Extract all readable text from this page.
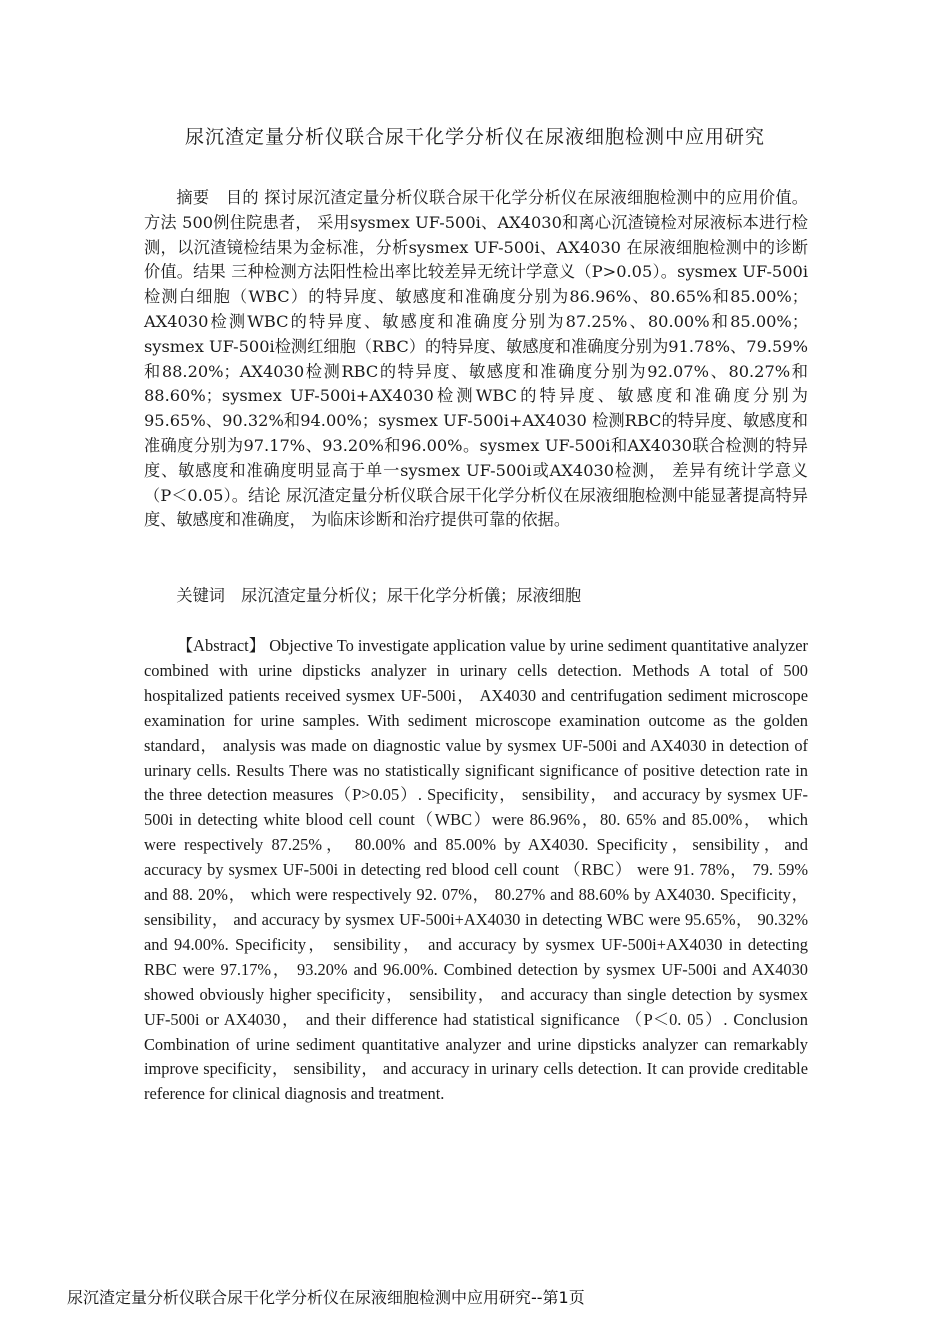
尿沉渣定量分析仪联合尿干化学分析仪在尿液细胞检测中应用研究

摘要　目的 探讨尿沉渣定量分析仪联合尿干化学分析仪在尿液细胞检测中的应用价值。方法 500例住院患者， 采用sysmex UF-500i、AX4030和离心沉渣镜检对尿液标本进行检测，以沉渣镜检结果为金标准，分析sysmex UF-500i、AX4030 在尿液细胞检测中的诊断价值。结果 三种检测方法阳性检出率比较差异无统计学意义（P>0.05）。sysmex UF-500i检测白细胞（WBC）的特异度、敏感度和准确度分别为86.96%、80.65%和85.00%；AX4030检测WBC的特异度、敏感度和准确度分别为87.25%、80.00%和85.00%；sysmex UF-500i检测红细胞（RBC）的特异度、敏感度和准确度分别为91.78%、79.59%和88.20%；AX4030检测RBC的特异度、敏感度和准确度分别为92.07%、80.27%和88.60%；sysmex UF-500i+AX4030检测WBC的特异度、敏感度和准确度分别为95.65%、90.32%和94.00%；sysmex UF-500i+AX4030 检测RBC的特异度、敏感度和准确度分别为97.17%、93.20%和96.00%。sysmex UF-500i和AX4030联合检测的特异度、敏感度和准确度明显高于单一sysmex UF-500i或AX4030检测， 差异有统计学意义（P＜0.05）。结论 尿沉渣定量分析仪联合尿干化学分析仪在尿液细胞检测中能显著提高特异度、敏感度和准确度， 为临床诊断和治疗提供可靠的依据。

关键词　尿沉渣定量分析仪；尿干化学分析儀；尿液细胞

【Abstract】 Objective To investigate application value by urine sediment quantitative analyzer combined with urine dipsticks analyzer in urinary cells detection. Methods A total of 500 hospitalized patients received sysmex UF-500i， AX4030 and centrifugation sediment microscope examination for urine samples. With sediment microscope examination outcome as the golden standard， analysis was made on diagnostic value by sysmex UF-500i and AX4030 in detection of urinary cells. Results There was no statistically significant significance of positive detection rate in the three detection measures（P>0.05）. Specificity， sensibility， and accuracy by sysmex UF-500i in detecting white blood cell count（WBC）were 86.96%，80. 65% and 85.00%， which were respectively 87.25%， 80.00% and 85.00% by AX4030. Specificity，sensibility，and accuracy by sysmex UF-500i in detecting red blood cell count （RBC） were 91. 78%， 79. 59% and 88. 20%， which were respectively 92. 07%， 80.27% and 88.60% by AX4030. Specificity， sensibility， and accuracy by sysmex UF-500i+AX4030 in detecting WBC were 95.65%， 90.32% and 94.00%. Specificity， sensibility， and accuracy by sysmex UF-500i+AX4030 in detecting RBC were 97.17%， 93.20% and 96.00%. Combined detection by sysmex UF-500i and AX4030 showed obviously higher specificity， sensibility， and accuracy than single detection by sysmex UF-500i or AX4030， and their difference had statistical significance （P＜0. 05）. Conclusion Combination of urine sediment quantitative analyzer and urine dipsticks analyzer can remarkably improve specificity， sensibility， and accuracy in urinary cells detection. It can provide creditable reference for clinical diagnosis and treatment.

尿沉渣定量分析仪联合尿干化学分析仪在尿液细胞检测中应用研究--第1页
